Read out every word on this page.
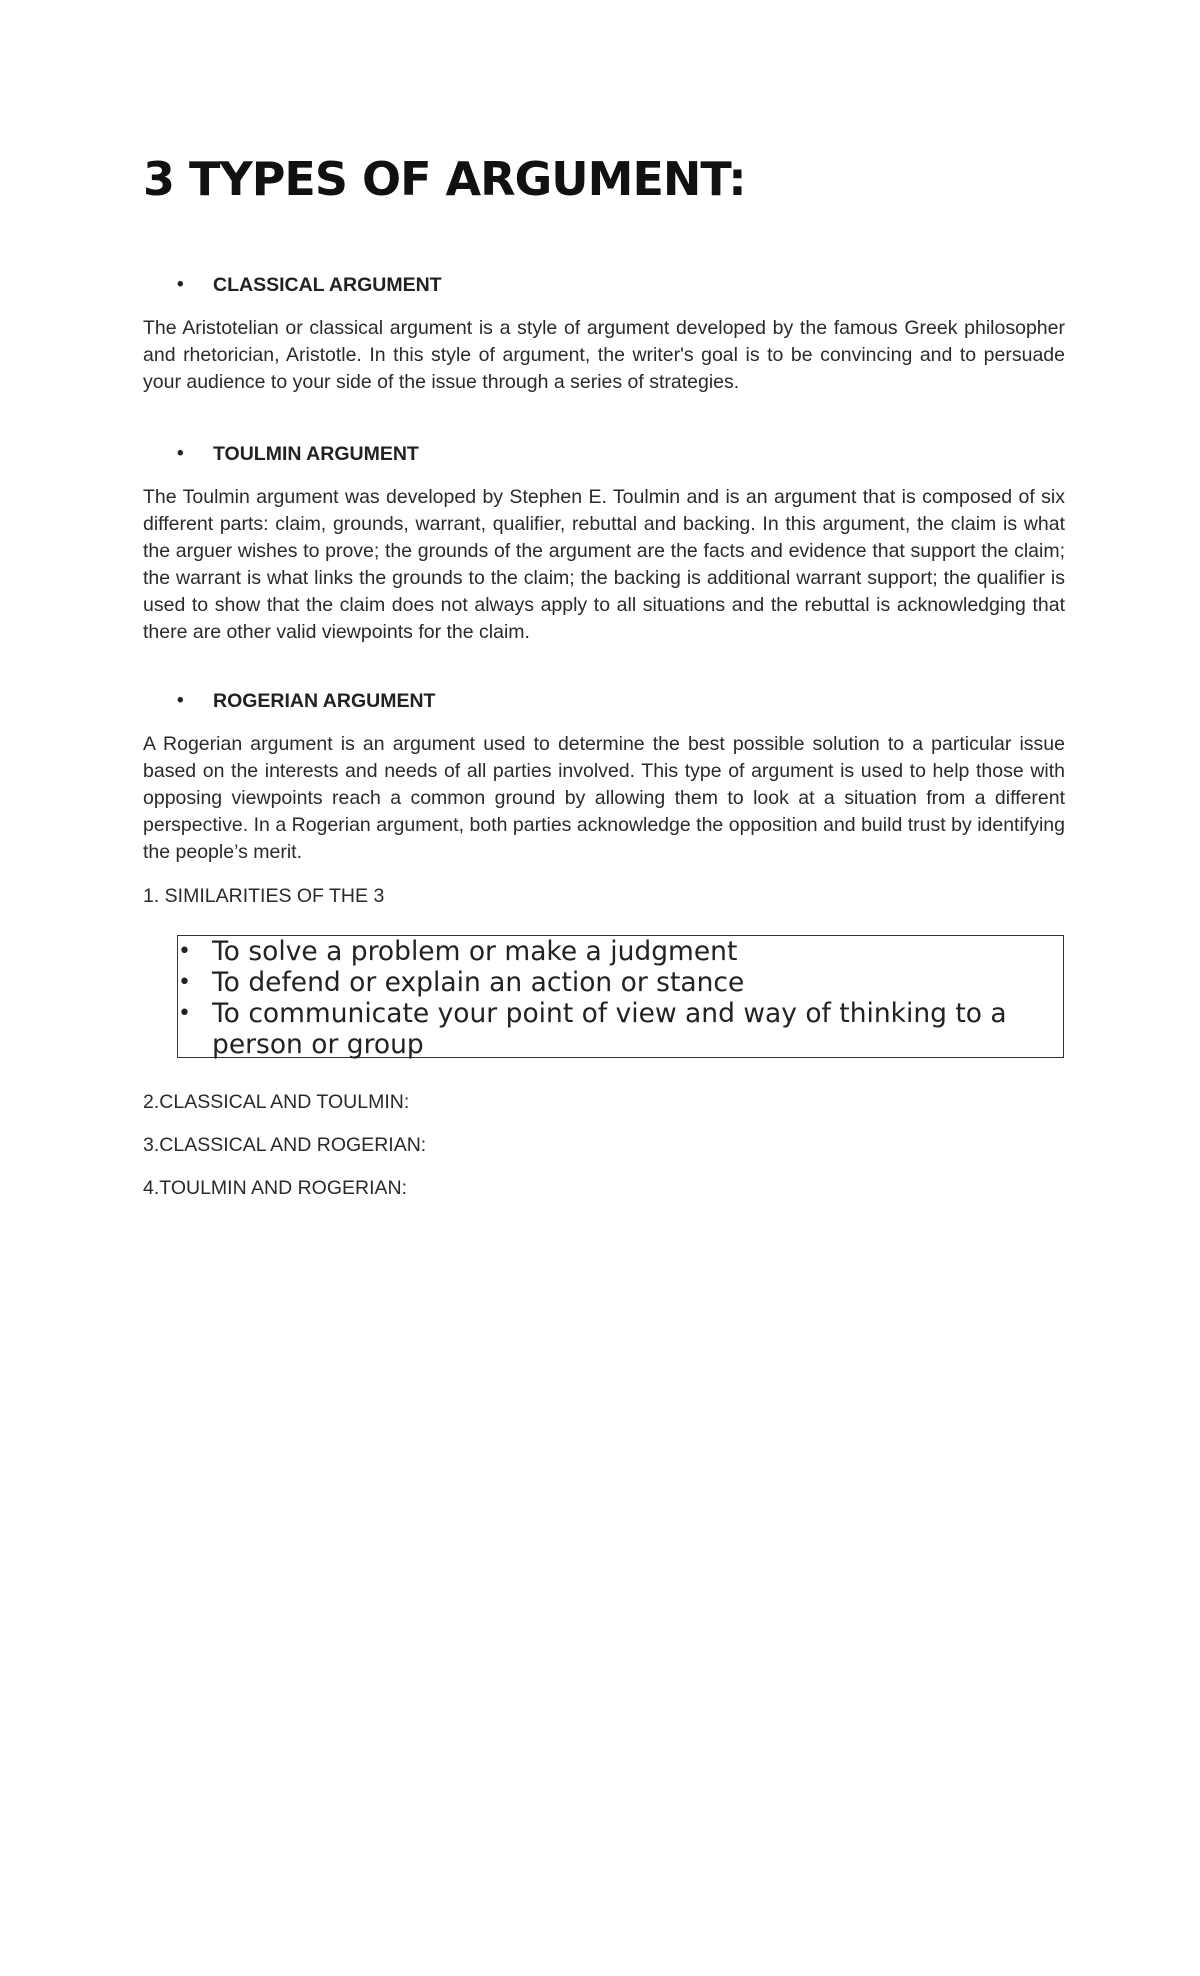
3 TYPES OF ARGUMENT:
• CLASSICAL ARGUMENT

The Aristotelian or classical argument is a style of argument developed by the famous Greek philosopher and rhetorician, Aristotle. In this style of argument, the writer's goal is to be convincing and to persuade your audience to your side of the issue through a series of strategies.

• TOULMIN ARGUMENT

The Toulmin argument was developed by Stephen E. Toulmin and is an argument that is composed of six different parts: claim, grounds, warrant, qualifier, rebuttal and backing. In this argument, the claim is what the arguer wishes to prove; the grounds of the argument are the facts and evidence that support the claim; the warrant is what links the grounds to the claim; the backing is additional warrant support; the qualifier is used to show that the claim does not always apply to all situations and the rebuttal is acknowledging that there are other valid viewpoints for the claim.

• ROGERIAN ARGUMENT

A Rogerian argument is an argument used to determine the best possible solution to a particular issue based on the interests and needs of all parties involved. This type of argument is used to help those with opposing viewpoints reach a common ground by allowing them to look at a situation from a different perspective. In a Rogerian argument, both parties acknowledge the opposition and build trust by identifying the people’s merit.

1. SIMILARITIES OF THE 3

• To solve a problem or make a judgment
• To defend or explain an action or stance
• To communicate your point of view and way of thinking to a person or group

2.CLASSICAL AND TOULMIN:

3.CLASSICAL AND ROGERIAN:

4.TOULMIN AND ROGERIAN:
